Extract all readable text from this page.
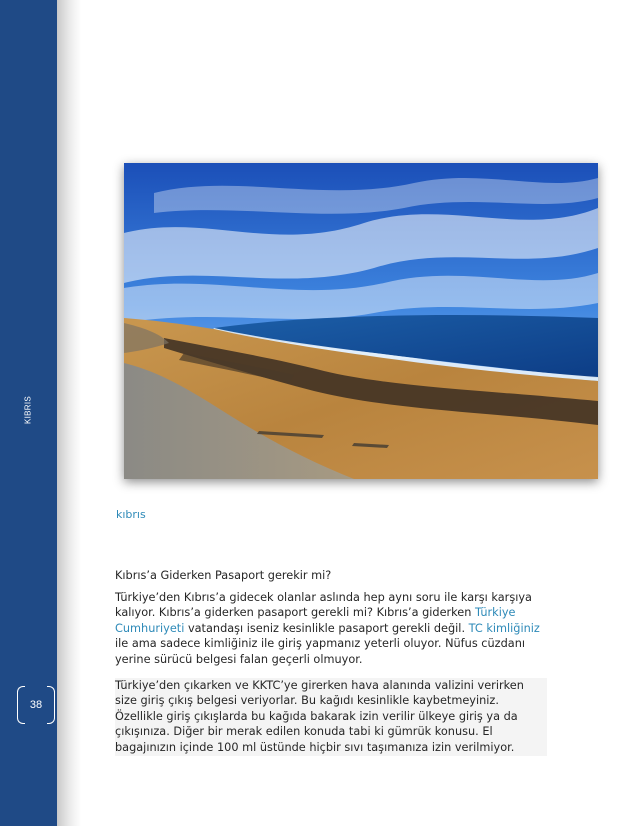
KIBRIS
38
kıbrıs
Kıbrıs’a Giderken Pasaport gerekir mi?

Türkiye’den Kıbrıs’a gidecek olanlar aslında hep aynı soru ile karşı karşıya kalıyor. Kıbrıs’a giderken pasaport gerekli mi? Kıbrıs’a giderken Türkiye Cumhuriyeti vatandaşı iseniz kesinlikle pasaport gerekli değil. TC kimliğiniz ile ama sadece kimliğiniz ile giriş yapmanız yeterli oluyor. Nüfus cüzdanı yerine sürücü belgesi falan geçerli olmuyor.

Türkiye’den çıkarken ve KKTC’ye girerken hava alanında valizini verirken size giriş çıkış belgesi veriyorlar. Bu kağıdı kesinlikle kaybetmeyiniz. Özellikle giriş çıkışlarda bu kağıda bakarak izin verilir ülkeye giriş ya da çıkışınıza. Diğer bir merak edilen konuda tabi ki gümrük konusu. El bagajınızın içinde 100 ml üstünde hiçbir sıvı taşımanıza izin verilmiyor.
